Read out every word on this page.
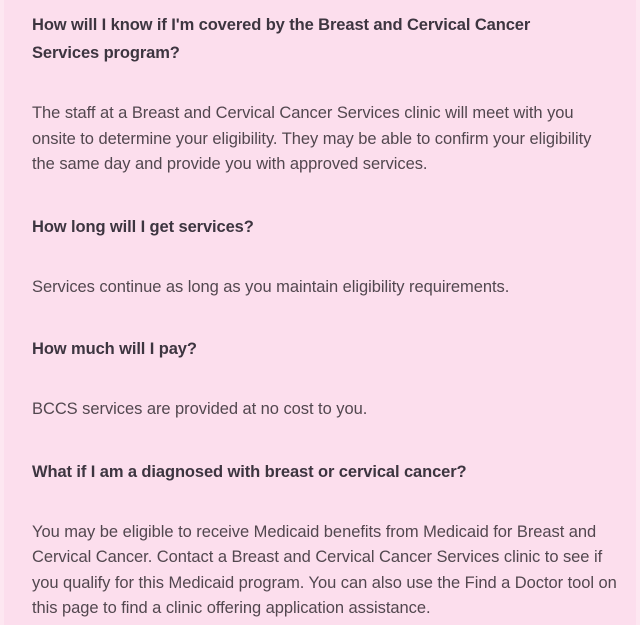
How will I know if I'm covered by the Breast and Cervical Cancer Services program?

The staff at a Breast and Cervical Cancer Services clinic will meet with you onsite to determine your eligibility. They may be able to confirm your eligibility the same day and provide you with approved services.

How long will I get services?

Services continue as long as you maintain eligibility requirements.

How much will I pay?

BCCS services are provided at no cost to you.

What if I am a diagnosed with breast or cervical cancer?

You may be eligible to receive Medicaid benefits from Medicaid for Breast and Cervical Cancer. Contact a Breast and Cervical Cancer Services clinic to see if you qualify for this Medicaid program. You can also use the Find a Doctor tool on this page to find a clinic offering application assistance.
